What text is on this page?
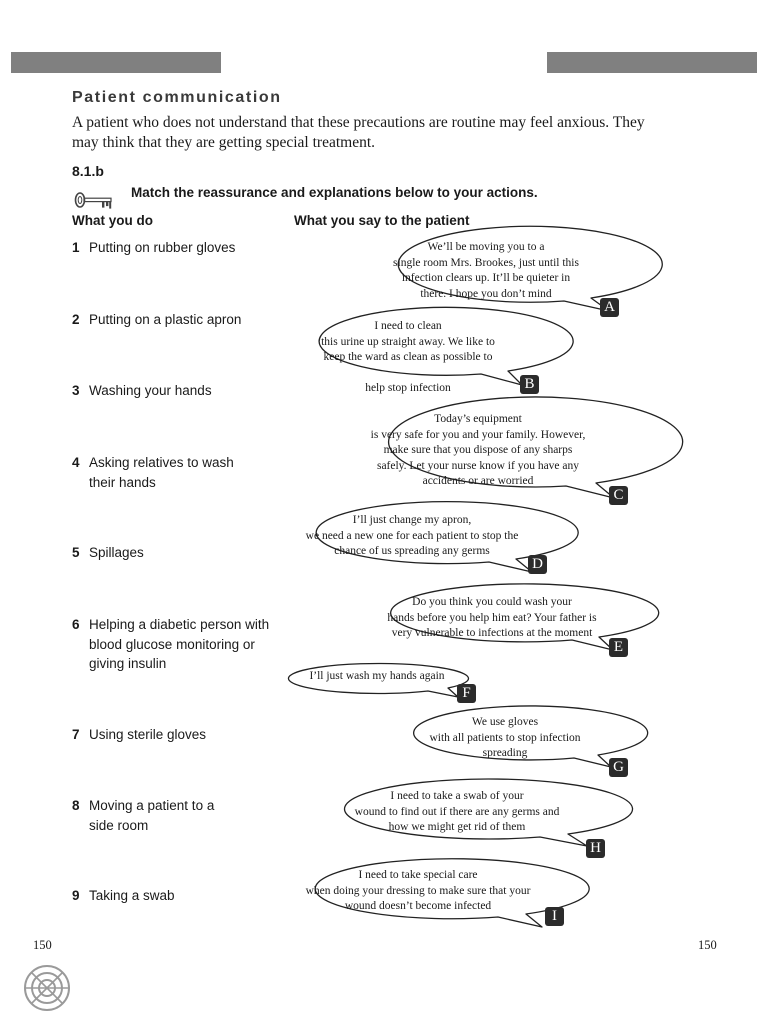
Patient communication
A patient who does not understand that these precautions are routine may feel anxious. They may think that they are getting special treatment.
8.1.b
Match the reassurance and explanations below to your actions.
What you do	What you say to the patient
1 Putting on rubber gloves
2 Putting on a plastic apron
3 Washing your hands
4 Asking relatives to wash their hands
5 Spillages
6 Helping a diabetic person with blood glucose monitoring or giving insulin
7 Using sterile gloves
8 Moving a patient to a side room
9 Taking a swab
We’ll be moving you to a
single room Mrs. Brookes, just until this
infection clears up. It’ll be quieter in
there. I hope you don’t mind
A
I need to clean
this urine up straight away. We like to
keep the ward as clean as possible to

help stop infection	B
Today’s equipment
is very safe for you and your family. However,
make sure that you dispose of any sharps
safely. Let your nurse know if you have any
accidents or are worried
C
I’ll just change my apron,
we need a new one for each patient to stop the
chance of us spreading any germs
D
Do you think you could wash your
hands before you help him eat? Your father is
very vulnerable to infections at the moment
E
I’ll just wash my hands again
F
We use gloves
with all patients to stop infection
spreading
G
I need to take a swab of your
wound to find out if there are any germs and
how we might get rid of them
H
I need to take special care
when doing your dressing to make sure that your
wound doesn’t become infected
I
150	150
